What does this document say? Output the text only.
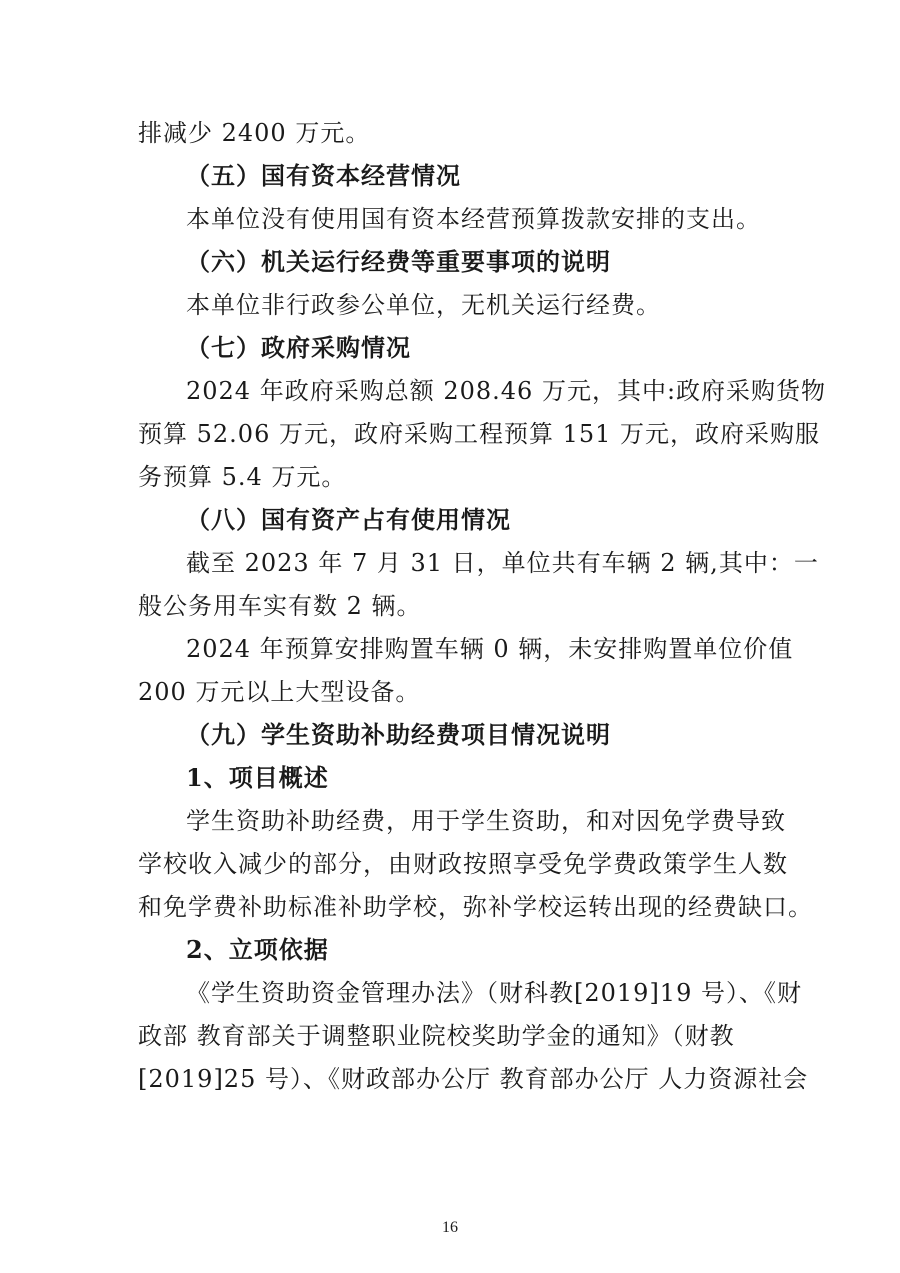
排减少 2400 万元。
（五）国有资本经营情况
本单位没有使用国有资本经营预算拨款安排的支出。
（六）机关运行经费等重要事项的说明
本单位非行政参公单位，无机关运行经费。
（七）政府采购情况
2024 年政府采购总额 208.46 万元，其中:政府采购货物
预算 52.06 万元，政府采购工程预算 151 万元，政府采购服
务预算 5.4 万元。
（八）国有资产占有使用情况
截至 2023 年 7 月 31 日，单位共有车辆 2 辆,其中：一
般公务用车实有数 2 辆。
2024 年预算安排购置车辆 0 辆，未安排购置单位价值
200 万元以上大型设备。
（九）学生资助补助经费项目情况说明
1、项目概述
学生资助补助经费，用于学生资助，和对因免学费导致
学校收入减少的部分，由财政按照享受免学费政策学生人数
和免学费补助标准补助学校，弥补学校运转出现的经费缺口。
2、立项依据
《学生资助资金管理办法》（财科教[2019]19 号）、《财
政部 教育部关于调整职业院校奖助学金的通知》（财教
[2019]25 号）、《财政部办公厅 教育部办公厅 人力资源社会
16
